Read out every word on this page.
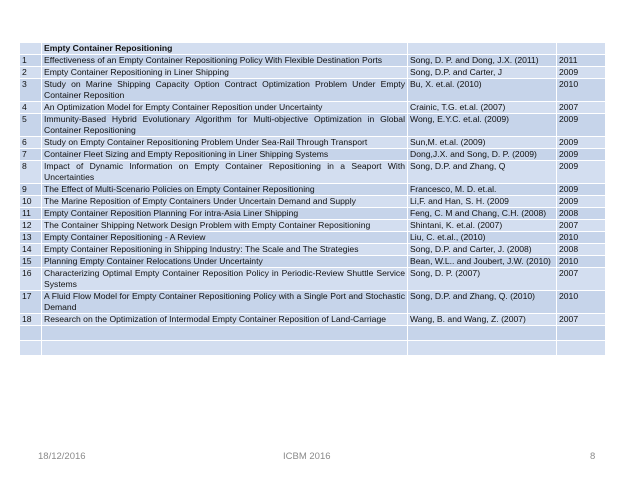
	Empty Container Repositioning		
1	Effectiveness of an Empty Container Repositioning Policy With Flexible Destination Ports	Song, D. P. and Dong, J.X. (2011)	2011
2	Empty Container Repositioning in Liner Shipping	Song, D.P. and Carter, J	2009
3	Study on Marine Shipping Capacity Option Contract Optimization Problem Under Empty Container Reposition	Bu, X. et.al. (2010)	2010
4	An Optimization Model for Empty Container Reposition under Uncertainty	Crainic, T.G. et.al. (2007)	2007
5	Immunity-Based Hybrid Evolutionary Algorithm for Multi-objective Optimization in Global Container Repositioning	Wong, E.Y.C. et.al. (2009)	2009
6	Study on Empty Container Repositioning Problem Under Sea-Rail Through Transport	Sun,M. et.al. (2009)	2009
7	Container Fleet Sizing and Empty Repositioning in Liner Shipping Systems	Dong,J.X. and Song, D. P. (2009)	2009
8	Impact of Dynamic Information on Empty Container Repositioning in a Seaport With Uncertainties	Song, D.P. and Zhang, Q	2009
9	The Effect of Multi-Scenario Policies on Empty Container Repositioning	Francesco, M. D. et.al.	2009
10	The Marine Reposition of Empty Containers Under Uncertain Demand and Supply	Li,F. and Han, S. H. (2009	2009
11	Empty Container Reposition Planning For intra-Asia Liner Shipping	Feng, C. M and Chang, C.H. (2008)	2008
12	The Container Shipping Network Design Problem with Empty Container Repositioning	Shintani, K. et.al. (2007)	2007
13	Empty Container Repositioning - A Review	Liu, C. et.al., (2010)	2010
14	Empty Container Repositioning in Shipping Industry: The Scale and The Strategies	Song, D.P. and Carter, J. (2008)	2008
15	Planning Empty Container Relocations Under Uncertainty	Bean, W.L.. and Joubert, J.W. (2010)	2010
16	Characterizing Optimal Empty Container Reposition Policy in Periodic-Review Shuttle Service Systems	Song, D. P. (2007)	2007
17	A Fluid Flow Model for Empty Container Repositioning Policy with a Single Port and Stochastic Demand	Song, D.P. and Zhang, Q. (2010)	2010
18	Research on the Optimization of Intermodal Empty Container Reposition of Land-Carriage	Wang, B. and Wang, Z. (2007)	2007

18/12/2016	ICBM 2016	8
